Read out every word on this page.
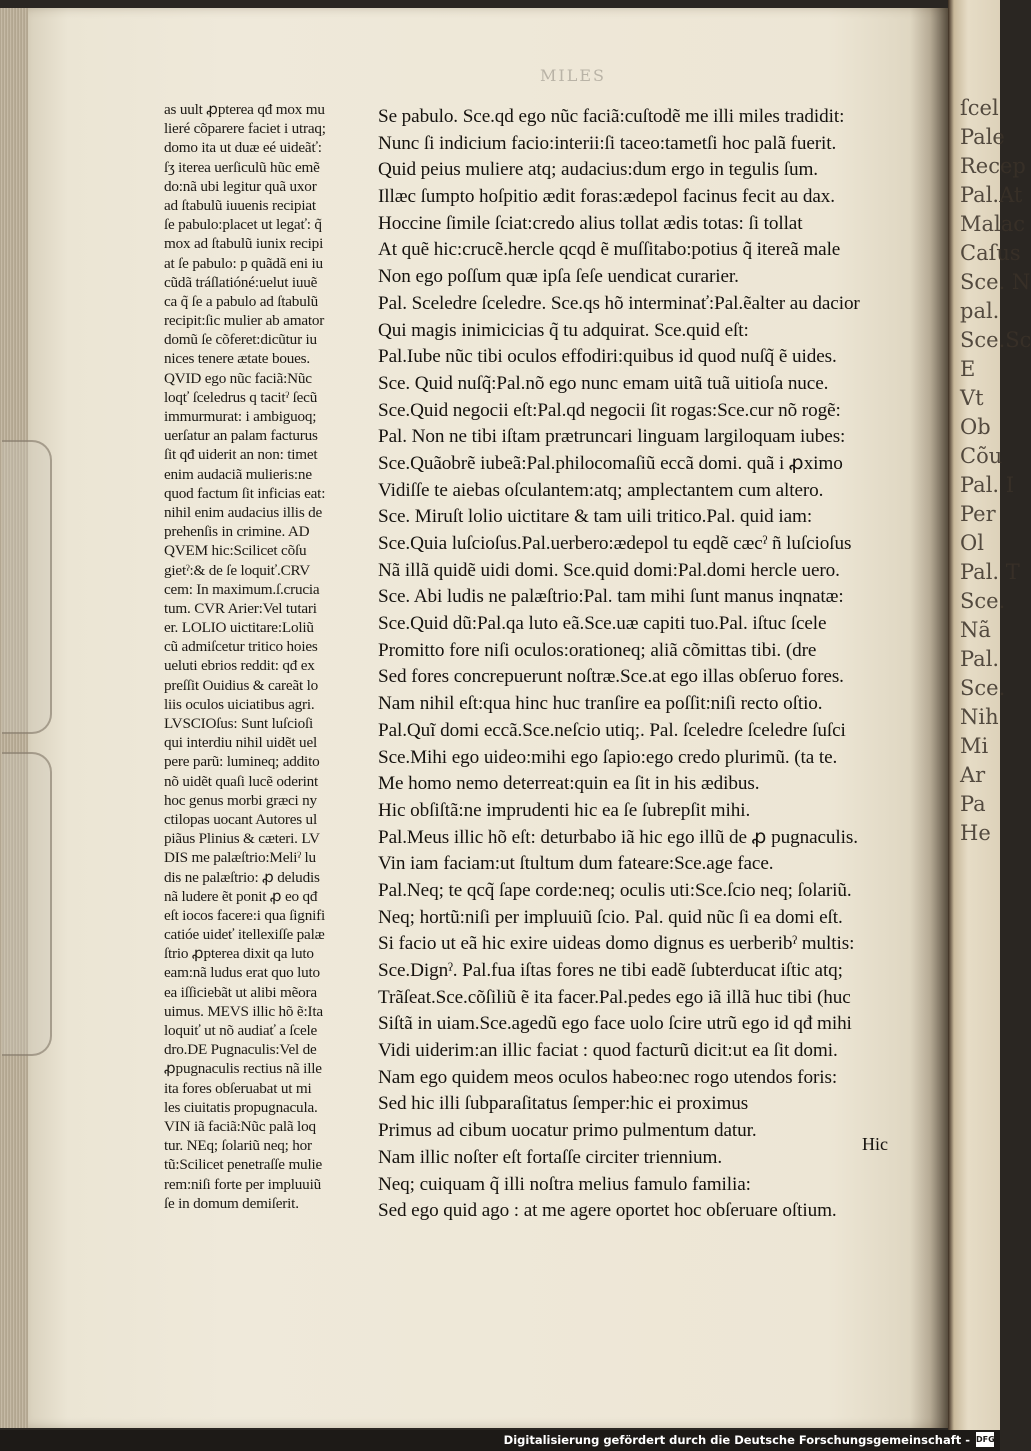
ſcel
Pale
Recep
Pal.At
Malac
Caſus
Sce. N
pal.
Sce.Sc
E
Vt
Ob
Cõu
Pal. I
Per
Ol
Pal. T
Sce.
Nã
Pal.
Sce.
Nih
Mi
Ar
Pa
He
MILES
as uult ꝓpterea qđ mox mu
lieré cõparere faciet i utraq;
domo ita ut duæ eé uideãť:
ſʒ iterea uerſiculũ hũc emẽ
do:nã ubi legitur quã uxor
ad ſtabulũ iuuenis recipiat
ſe pabulo:placet ut legať: q̃
mox ad ſtabulũ iunix recipi
at ſe pabulo: p quãdã eni iu
cũdã tráſlatióné:uelut iuuẽ
ca q̃ ſe a pabulo ad ſtabulũ
recipit:ſic mulier ab amator
domũ ſe cõferet:dicũtur iu
nices tenere ætate boues.
QVID ego nũc faciã:Nũc
loqť ſceledrus q tacitˀ ſecũ
immurmurat: i ambiguoq;
uerſatur an palam facturus
ſit qđ uiderit an non: timet
enim audaciã mulieris:ne
quod factum ſit inficias eat:
nihil enim audacius illis de
prehenſis in crimine. AD
QVEM hic:Scilicet cõſu
gietˀ:& de ſe loquiť.CRV
cem: In maximum.ſ.crucia
tum. CVR Arier:Vel tutari
er. LOLIO uictitare:Loliũ
cũ admiſcetur tritico hoies
ueluti ebrios reddit: qđ ex
preſſit Ouidius & careãt lo
liis oculos uiciatibus agri.
LVSCIOſus: Sunt luſcioſi
qui interdiu nihil uidẽt uel
pere parũ: lumineq; addito
nõ uidẽt quaſi lucẽ oderint
hoc genus morbi græci ny
ctilopas uocant Autores ul
piãus Plinius & cæteri. LV
DIS me palæſtrio:Meliˀ lu
dis ne palæſtrio: ꝓ deludis
nã ludere ẽt ponit ꝓ eo qđ
eſt iocos facere:i qua ſignifi
catióe uideť itellexiſſe palæ
ſtrio ꝓpterea dixit qa luto
eam:nã ludus erat quo luto
ea iſſiciebãt ut alibi mẽora
uimus. MEVS illic hõ ẽ:Ita
loquiť ut nõ audiať a ſcele
dro.DE Pugnaculis:Vel de
ꝓpugnaculis rectius nã ille
ita fores obſeruabat ut mi
les ciuitatis propugnacula.
VIN iã faciã:Nũc palã loq
tur. NEq; ſolariũ neq; hor
tũ:Scilicet penetraſſe mulie
rem:niſi forte per impluuiũ
ſe in domum demiſerit.
Se pabulo. Sce.qd ego nũc faciã:cuſtodẽ me illi miles tradidit:
Nunc ſi indicium facio:interii:ſi taceo:tametſi hoc palã fuerit.
Quid peius muliere atq; audacius:dum ergo in tegulis ſum.
Illæc ſumpto hoſpitio ædit foras:ædepol facinus fecit au dax.
Hoccine ſimile ſciat:credo alius tollat ædis totas: ſi tollat
At quẽ hic:crucẽ.hercle qcqd ẽ muſſitabo:potius q̃ itereã male
Non ego poſſum quæ ipſa ſeſe uendicat curarier.
Pal. Sceledre ſceledre. Sce.qs hõ interminať:Pal.ẽalter au dacior
Qui magis inimicicias q̃ tu adquirat. Sce.quid eſt:
Pal.Iube nũc tibi oculos effodiri:quibus id quod nuſq̃ ẽ uides.
Sce. Quid nuſq̃:Pal.nõ ego nunc emam uitã tuã uitioſa nuce.
Sce.Quid negocii eſt:Pal.qd negocii ſit rogas:Sce.cur nõ rogẽ:
Pal. Non ne tibi iſtam prætruncari linguam largiloquam iubes:
Sce.Quãobrẽ iubeã:Pal.philocomaſiũ eccã domi. quã i ꝓximo
Vidiſſe te aiebas oſculantem:atq; amplectantem cum altero.
Sce. Miruſt lolio uictitare & tam uili tritico.Pal. quid iam:
Sce.Quia luſcioſus.Pal.uerbero:ædepol tu eqdẽ cæcˀ ñ luſcioſus
Nã illã quidẽ uidi domi. Sce.quid domi:Pal.domi hercle uero.
Sce. Abi ludis ne palæſtrio:Pal. tam mihi ſunt manus inqnatæ:
Sce.Quid dũ:Pal.qa luto eã.Sce.uæ capiti tuo.Pal. iſtuc ſcele
Promitto fore niſi oculos:orationeq; aliã cõmittas tibi. (dre
Sed fores concrepuerunt noſtræ.Sce.at ego illas obſeruo fores.
Nam nihil eſt:qua hinc huc tranſire ea poſſit:niſi recto oſtio.
Pal.Quĩ domi eccã.Sce.neſcio utiq;. Pal. ſceledre ſceledre ſuſci
Sce.Mihi ego uideo:mihi ego ſapio:ego credo plurimũ. (ta te.
Me homo nemo deterreat:quin ea ſit in his ædibus.
Hic obſiſtã:ne imprudenti hic ea ſe ſubrepſit mihi.
Pal.Meus illic hõ eſt: deturbabo iã hic ego illũ de ꝓ pugnaculis.
Vin iam faciam:ut ſtultum dum fateare:Sce.age face.
Pal.Neq; te qcq̃ ſape corde:neq; oculis uti:Sce.ſcio neq; ſolariũ.
Neq; hortũ:niſi per impluuiũ ſcio. Pal. quid nũc ſi ea domi eſt.
Si facio ut eã hic exire uideas domo dignus es uerberibˀ multis:
Sce.Dignˀ. Pal.fua iſtas fores ne tibi eadẽ ſubterducat iſtic atq;
Trãſeat.Sce.cõſiliũ ẽ ita facer.Pal.pedes ego iã illã huc tibi (huc
Siſtã in uiam.Sce.agedũ ego face uolo ſcire utrũ ego id qđ mihi
Vidi uiderim:an illic faciat : quod facturũ dicit:ut ea ſit domi.
Nam ego quidem meos oculos habeo:nec rogo utendos foris:
Sed hic illi ſubparaſitatus ſemper:hic ei proximus
Primus ad cibum uocatur primo pulmentum datur.
Nam illic noſter eſt fortaſſe circiter triennium.
Neq; cuiquam q̃ illi noſtra melius famulo familia:
Sed ego quid ago : at me agere oportet hoc obſeruare oſtium.
Hic
Digitalisierung gefördert durch die Deutsche Forschungsgemeinschaft - DFG
